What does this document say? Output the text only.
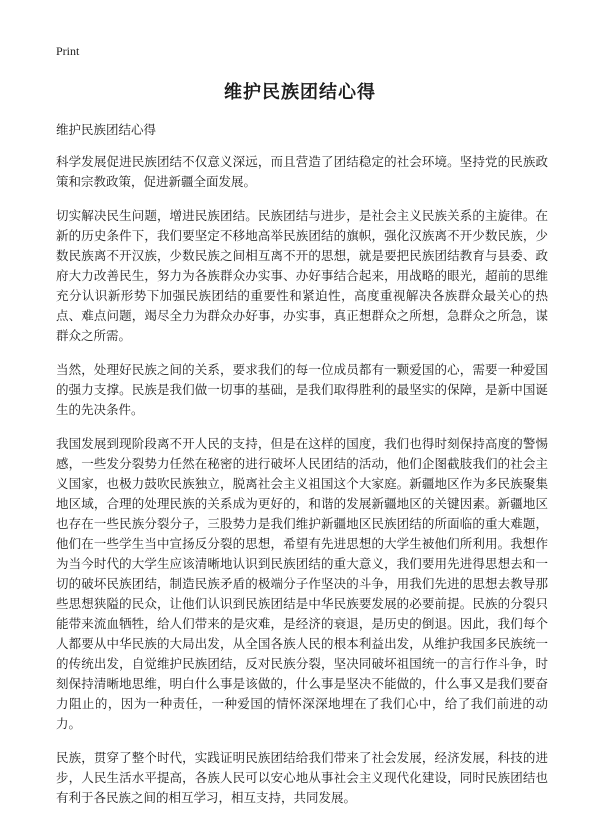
Print
维护民族团结心得

维护民族团结心得

科学发展促进民族团结不仅意义深远，而且营造了团结稳定的社会环境。坚持党的民族政策和宗教政策，促进新疆全面发展。

切实解决民生问题，增进民族团结。民族团结与进步，是社会主义民族关系的主旋律。在新的历史条件下，我们要坚定不移地高举民族团结的旗帜，强化汉族离不开少数民族，少数民族离不开汉族，少数民族之间相互离不开的思想，就是要把民族团结教育与县委、政府大力改善民生，努力为各族群众办实事、办好事结合起来，用战略的眼光，超前的思维充分认识新形势下加强民族团结的重要性和紧迫性，高度重视解决各族群众最关心的热点、难点问题，竭尽全力为群众办好事，办实事，真正想群众之所想，急群众之所急，谋群众之所需。

当然，处理好民族之间的关系，要求我们的每一位成员都有一颗爱国的心，需要一种爱国的强力支撑。民族是我们做一切事的基础，是我们取得胜利的最坚实的保障，是新中国诞生的先决条件。

我国发展到现阶段离不开人民的支持，但是在这样的国度，我们也得时刻保持高度的警惕感，一些发分裂势力任然在秘密的进行破坏人民团结的活动，他们企图截肢我们的社会主义国家，也极力鼓吹民族独立，脱离社会主义祖国这个大家庭。新疆地区作为多民族聚集地区域，合理的处理民族的关系成为更好的，和谐的发展新疆地区的关键因素。新疆地区也存在一些民族分裂分子，三股势力是我们维护新疆地区民族团结的所面临的重大难题，他们在一些学生当中宣扬反分裂的思想，希望有先进思想的大学生被他们所利用。我想作为当今时代的大学生应该清晰地认识到民族团结的重大意义，我们要用先进得思想去和一切的破坏民族团结，制造民族矛盾的极端分子作坚决的斗争，用我们先进的思想去教导那些思想狭隘的民众，让他们认识到民族团结是中华民族要发展的必要前提。民族的分裂只能带来流血牺牲，给人们带来的是灾难，是经济的衰退，是历史的倒退。因此，我们每个人都要从中华民族的大局出发，从全国各族人民的根本利益出发，从维护我国多民族统一的传统出发，自觉维护民族团结，反对民族分裂，坚决同破坏祖国统一的言行作斗争，时刻保持清晰地思维，明白什么事是该做的，什么事是坚决不能做的，什么事又是我们要奋力阻止的，因为一种责任，一种爱国的情怀深深地埋在了我们心中，给了我们前进的动力。

民族，贯穿了整个时代，实践证明民族团结给我们带来了社会发展，经济发展，科技的进步，人民生活水平提高，各族人民可以安心地从事社会主义现代化建设，同时民族团结也有利于各民族之间的相互学习，相互支持，共同发展。
